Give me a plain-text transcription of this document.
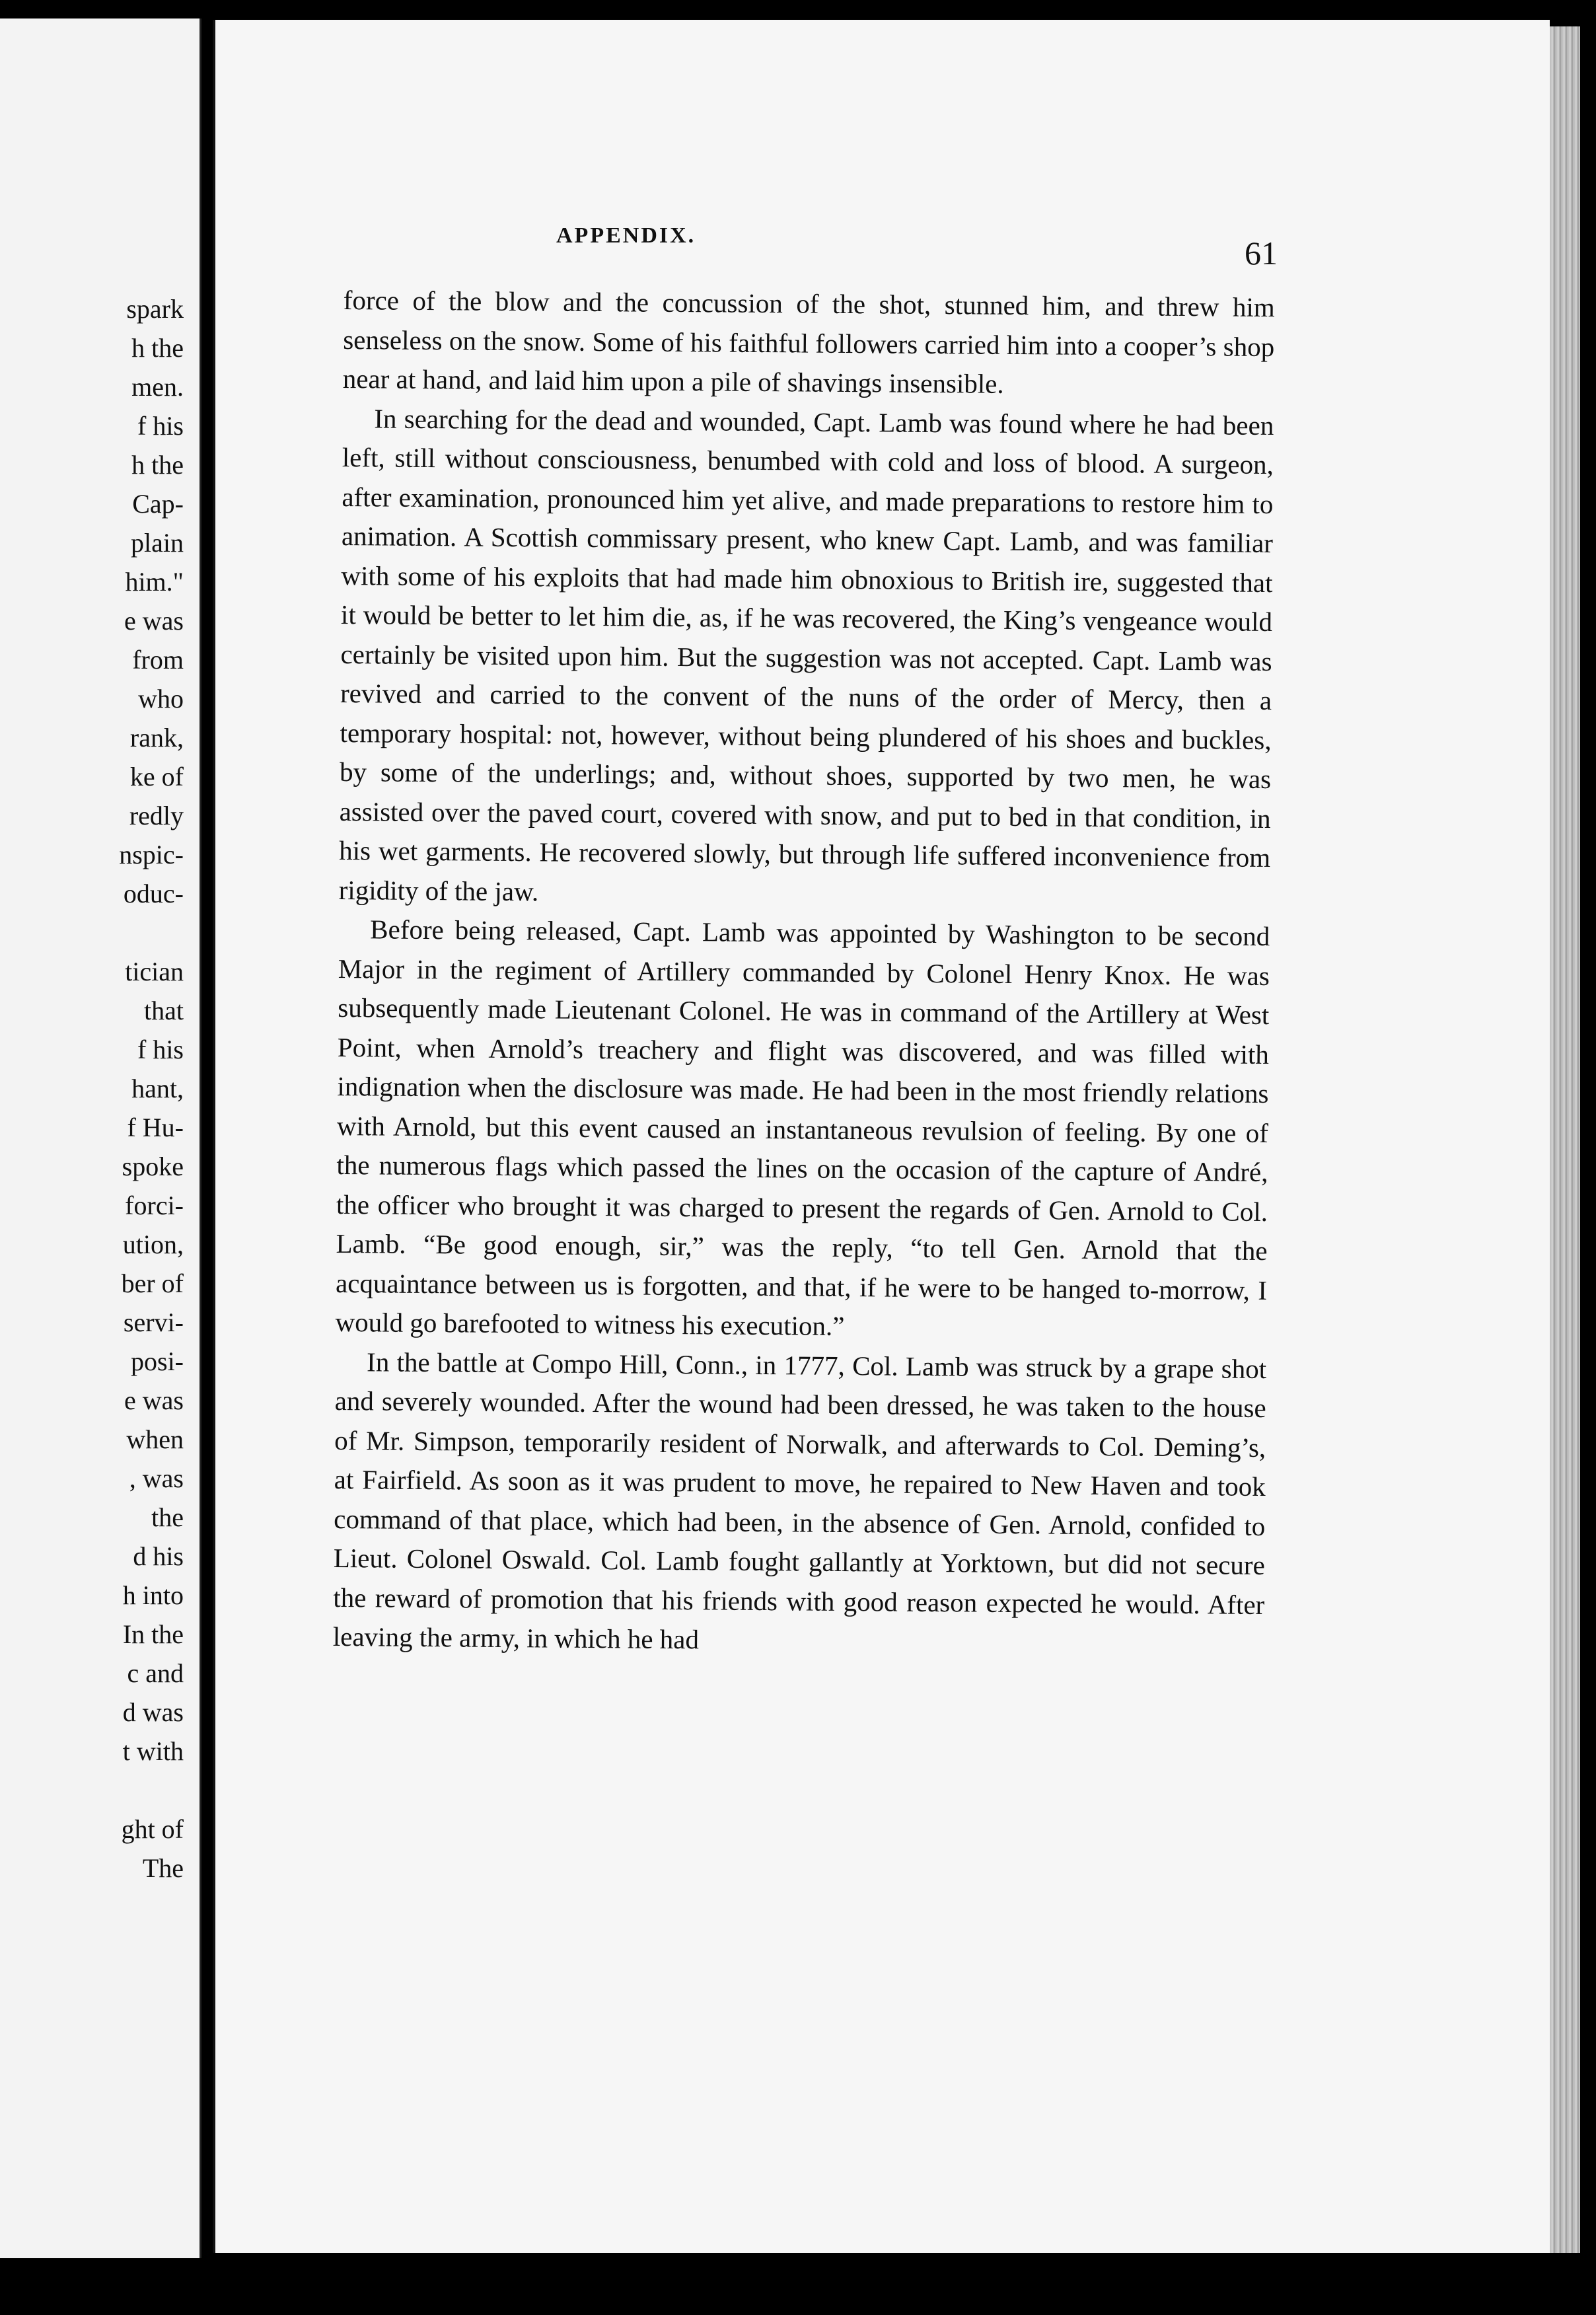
spark
h the
men.
f his
h the
Cap-
plain
him."
e was
from
who
rank,
ke of
redly
nspic-
oduc-
tician
that
f his
hant,
f Hu-
spoke
forci-
ution,
ber of
servi-
posi-
e was
when
, was
the
d his
h into
In the
c and
d was
t with
ght of
The
APPENDIX.	61

force of the blow and the concussion of the shot, stunned him, and threw him senseless on the snow. Some of his faithful followers carried him into a cooper’s shop near at hand, and laid him upon a pile of shavings insensible.

In searching for the dead and wounded, Capt. Lamb was found where he had been left, still without consciousness, benumbed with cold and loss of blood. A surgeon, after examination, pronounced him yet alive, and made preparations to restore him to animation. A Scottish commissary present, who knew Capt. Lamb, and was familiar with some of his exploits that had made him obnoxious to British ire, suggested that it would be better to let him die, as, if he was recovered, the King’s vengeance would certainly be visited upon him. But the suggestion was not accepted. Capt. Lamb was revived and carried to the convent of the nuns of the order of Mercy, then a temporary hospital: not, however, without being plundered of his shoes and buckles, by some of the underlings; and, without shoes, supported by two men, he was assisted over the paved court, covered with snow, and put to bed in that condition, in his wet garments. He recovered slowly, but through life suffered inconvenience from rigidity of the jaw.

Before being released, Capt. Lamb was appointed by Washington to be second Major in the regiment of Artillery commanded by Colonel Henry Knox. He was subsequently made Lieutenant Colonel. He was in command of the Artillery at West Point, when Arnold’s treachery and flight was discovered, and was filled with indignation when the disclosure was made. He had been in the most friendly relations with Arnold, but this event caused an instantaneous revulsion of feeling. By one of the numerous flags which passed the lines on the occasion of the capture of André, the officer who brought it was charged to present the regards of Gen. Arnold to Col. Lamb. “Be good enough, sir,” was the reply, “to tell Gen. Arnold that the acquaintance between us is forgotten, and that, if he were to be hanged to-morrow, I would go barefooted to witness his execution.”

In the battle at Compo Hill, Conn., in 1777, Col. Lamb was struck by a grape shot and severely wounded. After the wound had been dressed, he was taken to the house of Mr. Simpson, temporarily resident of Norwalk, and afterwards to Col. Deming’s, at Fairfield. As soon as it was prudent to move, he repaired to New Haven and took command of that place, which had been, in the absence of Gen. Arnold, confided to Lieut. Colonel Oswald. Col. Lamb fought gallantly at Yorktown, but did not secure the reward of promotion that his friends with good reason expected he would. After leaving the army, in which he had
